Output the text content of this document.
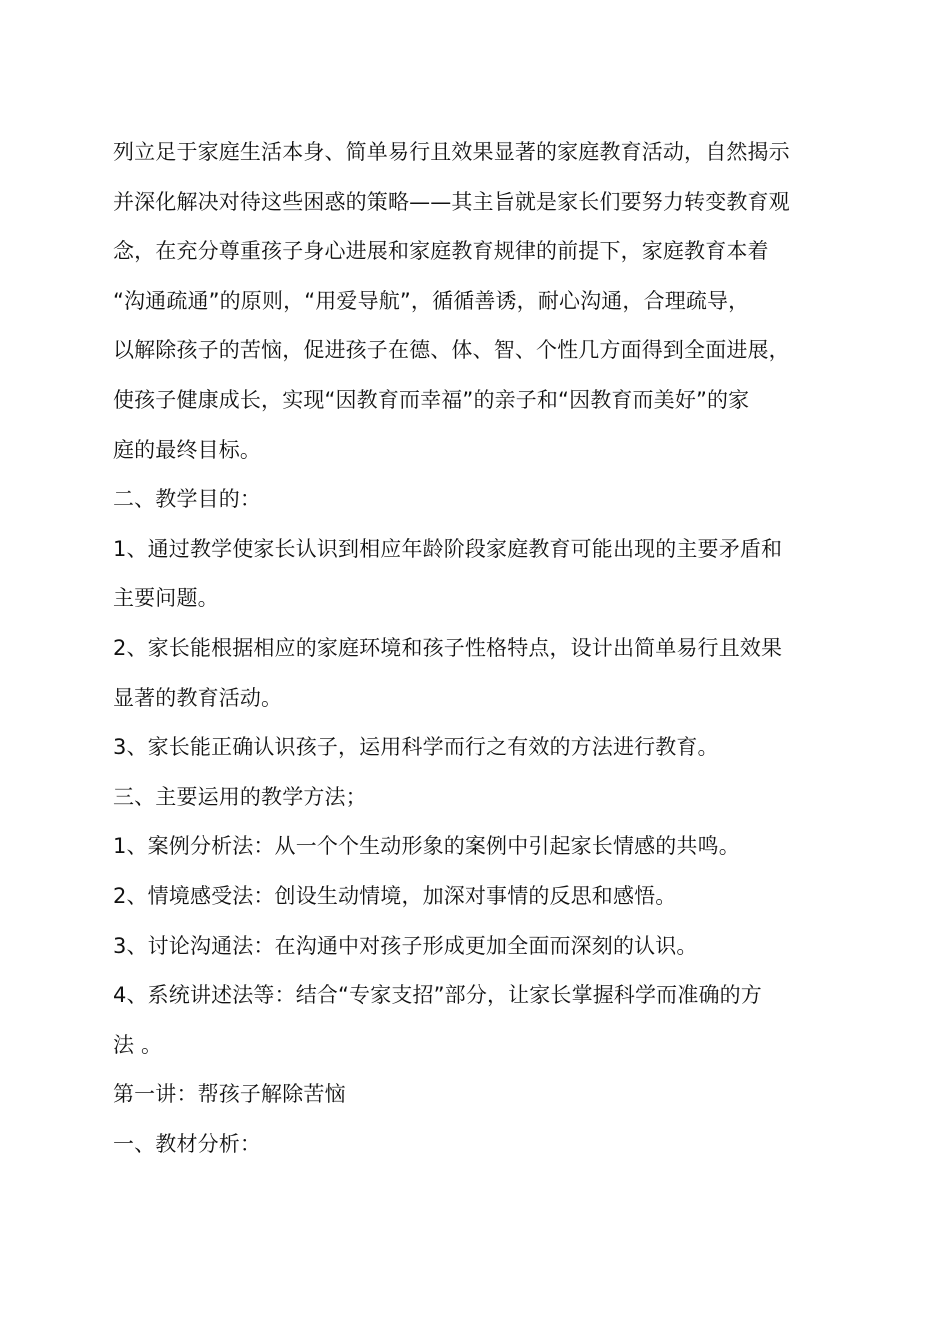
列立足于家庭生活本身、简单易行且效果显著的家庭教育活动，自然揭示
并深化解决对待这些困惑的策略——其主旨就是家长们要努力转变教育观
念，在充分尊重孩子身心进展和家庭教育规律的前提下，家庭教育本着
“沟通疏通”的原则，“用爱导航”，循循善诱，耐心沟通，合理疏导，
以解除孩子的苦恼，促进孩子在德、体、智、个性几方面得到全面进展，
使孩子健康成长，实现“因教育而幸福”的亲子和“因教育而美好”的家
庭的最终目标。
二、教学目的：
1、通过教学使家长认识到相应年龄阶段家庭教育可能出现的主要矛盾和
主要问题。
2、家长能根据相应的家庭环境和孩子性格特点，设计出简单易行且效果
显著的教育活动。
3、家长能正确认识孩子，运用科学而行之有效的方法进行教育。
三、主要运用的教学方法；
1、案例分析法：从一个个生动形象的案例中引起家长情感的共鸣。
2、情境感受法：创设生动情境，加深对事情的反思和感悟。
3、讨论沟通法：在沟通中对孩子形成更加全面而深刻的认识。
4、系统讲述法等：结合“专家支招”部分，让家长掌握科学而准确的方
法 。
第一讲：帮孩子解除苦恼
一、教材分析：
